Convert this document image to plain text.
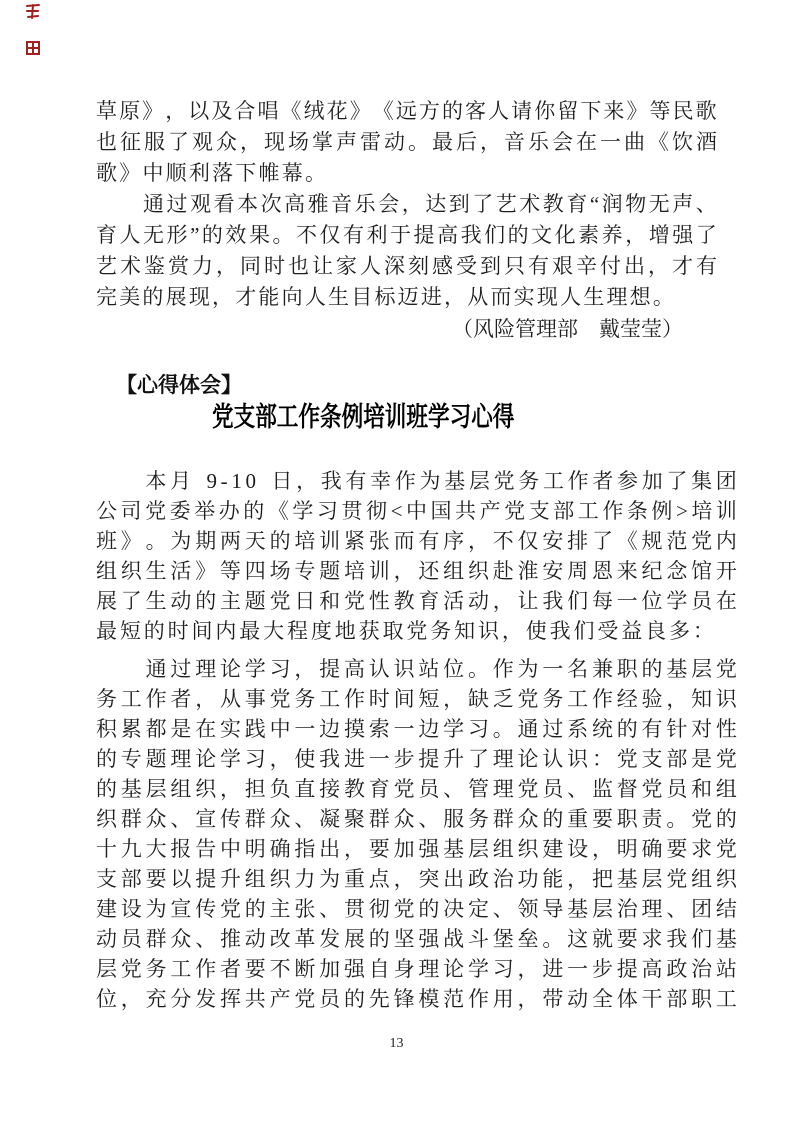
草 原 》 ， 以 及 合 唱 《 绒 花 》 《 远 方 的 客 人 请 你 留 下 来 》 等 民 歌
也 征 服 了 观 众 ， 现 场 掌 声 雷 动 。 最 后 ， 音 乐 会 在 一 曲 《 饮 酒
歌 》 中 顺 利 落 下 帷 幕 。
通 过 观 看 本 次 高 雅 音 乐 会 ， 达 到 了 艺 术 教 育 “ 润 物 无 声 、
育 人 无 形 ” 的 效 果 。 不 仅 有 利 于 提 高 我 们 的 文 化 素 养 ， 增 强 了
艺 术 鉴 赏 力 ， 同 时 也 让 家 人 深 刻 感 受 到 只 有 艰 辛 付 出 ， 才 有
完 美 的 展 现 ， 才 能 向 人 生 目 标 迈 进 ， 从 而 实 现 人 生 理 想 。
（ 风 险 管 理 部 戴 莹 莹 ）
【心得体会】
党 支 部 工 作 条 例 培 训 班 学 习 心 得
本 月 9 - 1 0 日 ， 我 有 幸 作 为 基 层 党 务 工 作 者 参 加 了 集 团
公 司 党 委 举 办 的 《 学 习 贯 彻 < 中 国 共 产 党 支 部 工 作 条 例 > 培 训
班 》 。 为 期 两 天 的 培 训 紧 张 而 有 序 ， 不 仅 安 排 了 《 规 范 党 内
组 织 生 活 》 等 四 场 专 题 培 训 ， 还 组 织 赴 淮 安 周 恩 来 纪 念 馆 开
展 了 生 动 的 主 题 党 日 和 党 性 教 育 活 动 ， 让 我 们 每 一 位 学 员 在
最 短 的 时 间 内 最 大 程 度 地 获 取 党 务 知 识 ， 使 我 们 受 益 良 多 ：
通 过 理 论 学 习 ， 提 高 认 识 站 位 。 作 为 一 名 兼 职 的 基 层 党
务 工 作 者 ， 从 事 党 务 工 作 时 间 短 ， 缺 乏 党 务 工 作 经 验 ， 知 识
积 累 都 是 在 实 践 中 一 边 摸 索 一 边 学 习 。 通 过 系 统 的 有 针 对 性
的 专 题 理 论 学 习 ， 使 我 进 一 步 提 升 了 理 论 认 识 ： 党 支 部 是 党
的 基 层 组 织 ， 担 负 直 接 教 育 党 员 、 管 理 党 员 、 监 督 党 员 和 组
织 群 众 、 宣 传 群 众 、 凝 聚 群 众 、 服 务 群 众 的 重 要 职 责 。 党 的
十 九 大 报 告 中 明 确 指 出 ， 要 加 强 基 层 组 织 建 设 ， 明 确 要 求 党
支 部 要 以 提 升 组 织 力 为 重 点 ， 突 出 政 治 功 能 ， 把 基 层 党 组 织
建 设 为 宣 传 党 的 主 张 、 贯 彻 党 的 决 定 、 领 导 基 层 治 理 、 团 结
动 员 群 众 、 推 动 改 革 发 展 的 坚 强 战 斗 堡 垒 。 这 就 要 求 我 们 基
层 党 务 工 作 者 要 不 断 加 强 自 身 理 论 学 习 ， 进 一 步 提 高 政 治 站
位 ， 充 分 发 挥 共 产 党 员 的 先 锋 模 范 作 用 ， 带 动 全 体 干 部 职 工
13
